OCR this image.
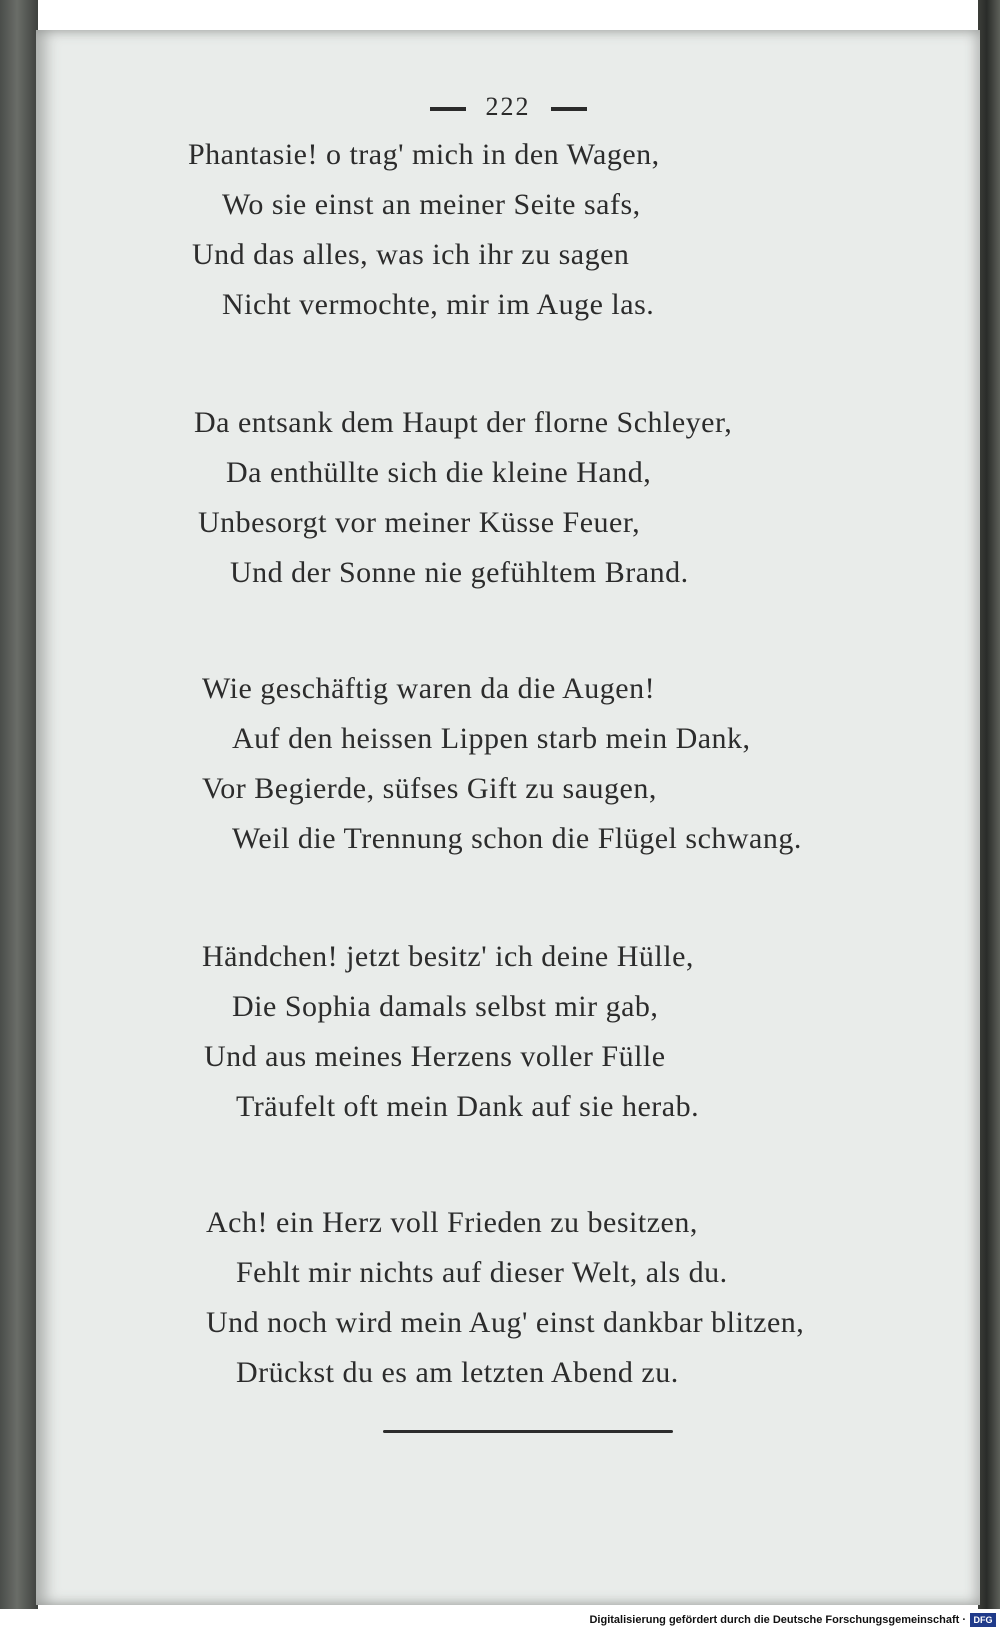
222
Phantasie! o trag' mich in den Wagen,
Wo sie einst an meiner Seite safs,
Und das alles, was ich ihr zu sagen
Nicht vermochte, mir im Auge las.
Da entsank dem Haupt der florne Schleyer,
Da enthüllte sich die kleine Hand,
Unbesorgt vor meiner Küsse Feuer,
Und der Sonne nie gefühltem Brand.
Wie geschäftig waren da die Augen!
Auf den heissen Lippen starb mein Dank,
Vor Begierde, süfses Gift zu saugen,
Weil die Trennung schon die Flügel schwang.
Händchen! jetzt besitz' ich deine Hülle,
Die Sophia damals selbst mir gab,
Und aus meines Herzens voller Fülle
Träufelt oft mein Dank auf sie herab.
Ach! ein Herz voll Frieden zu besitzen,
Fehlt mir nichts auf dieser Welt, als du.
Und noch wird mein Aug' einst dankbar blitzen,
Drückst du es am letzten Abend zu.
Digitalisierung gefördert durch die Deutsche Forschungsgemeinschaft · DFG
